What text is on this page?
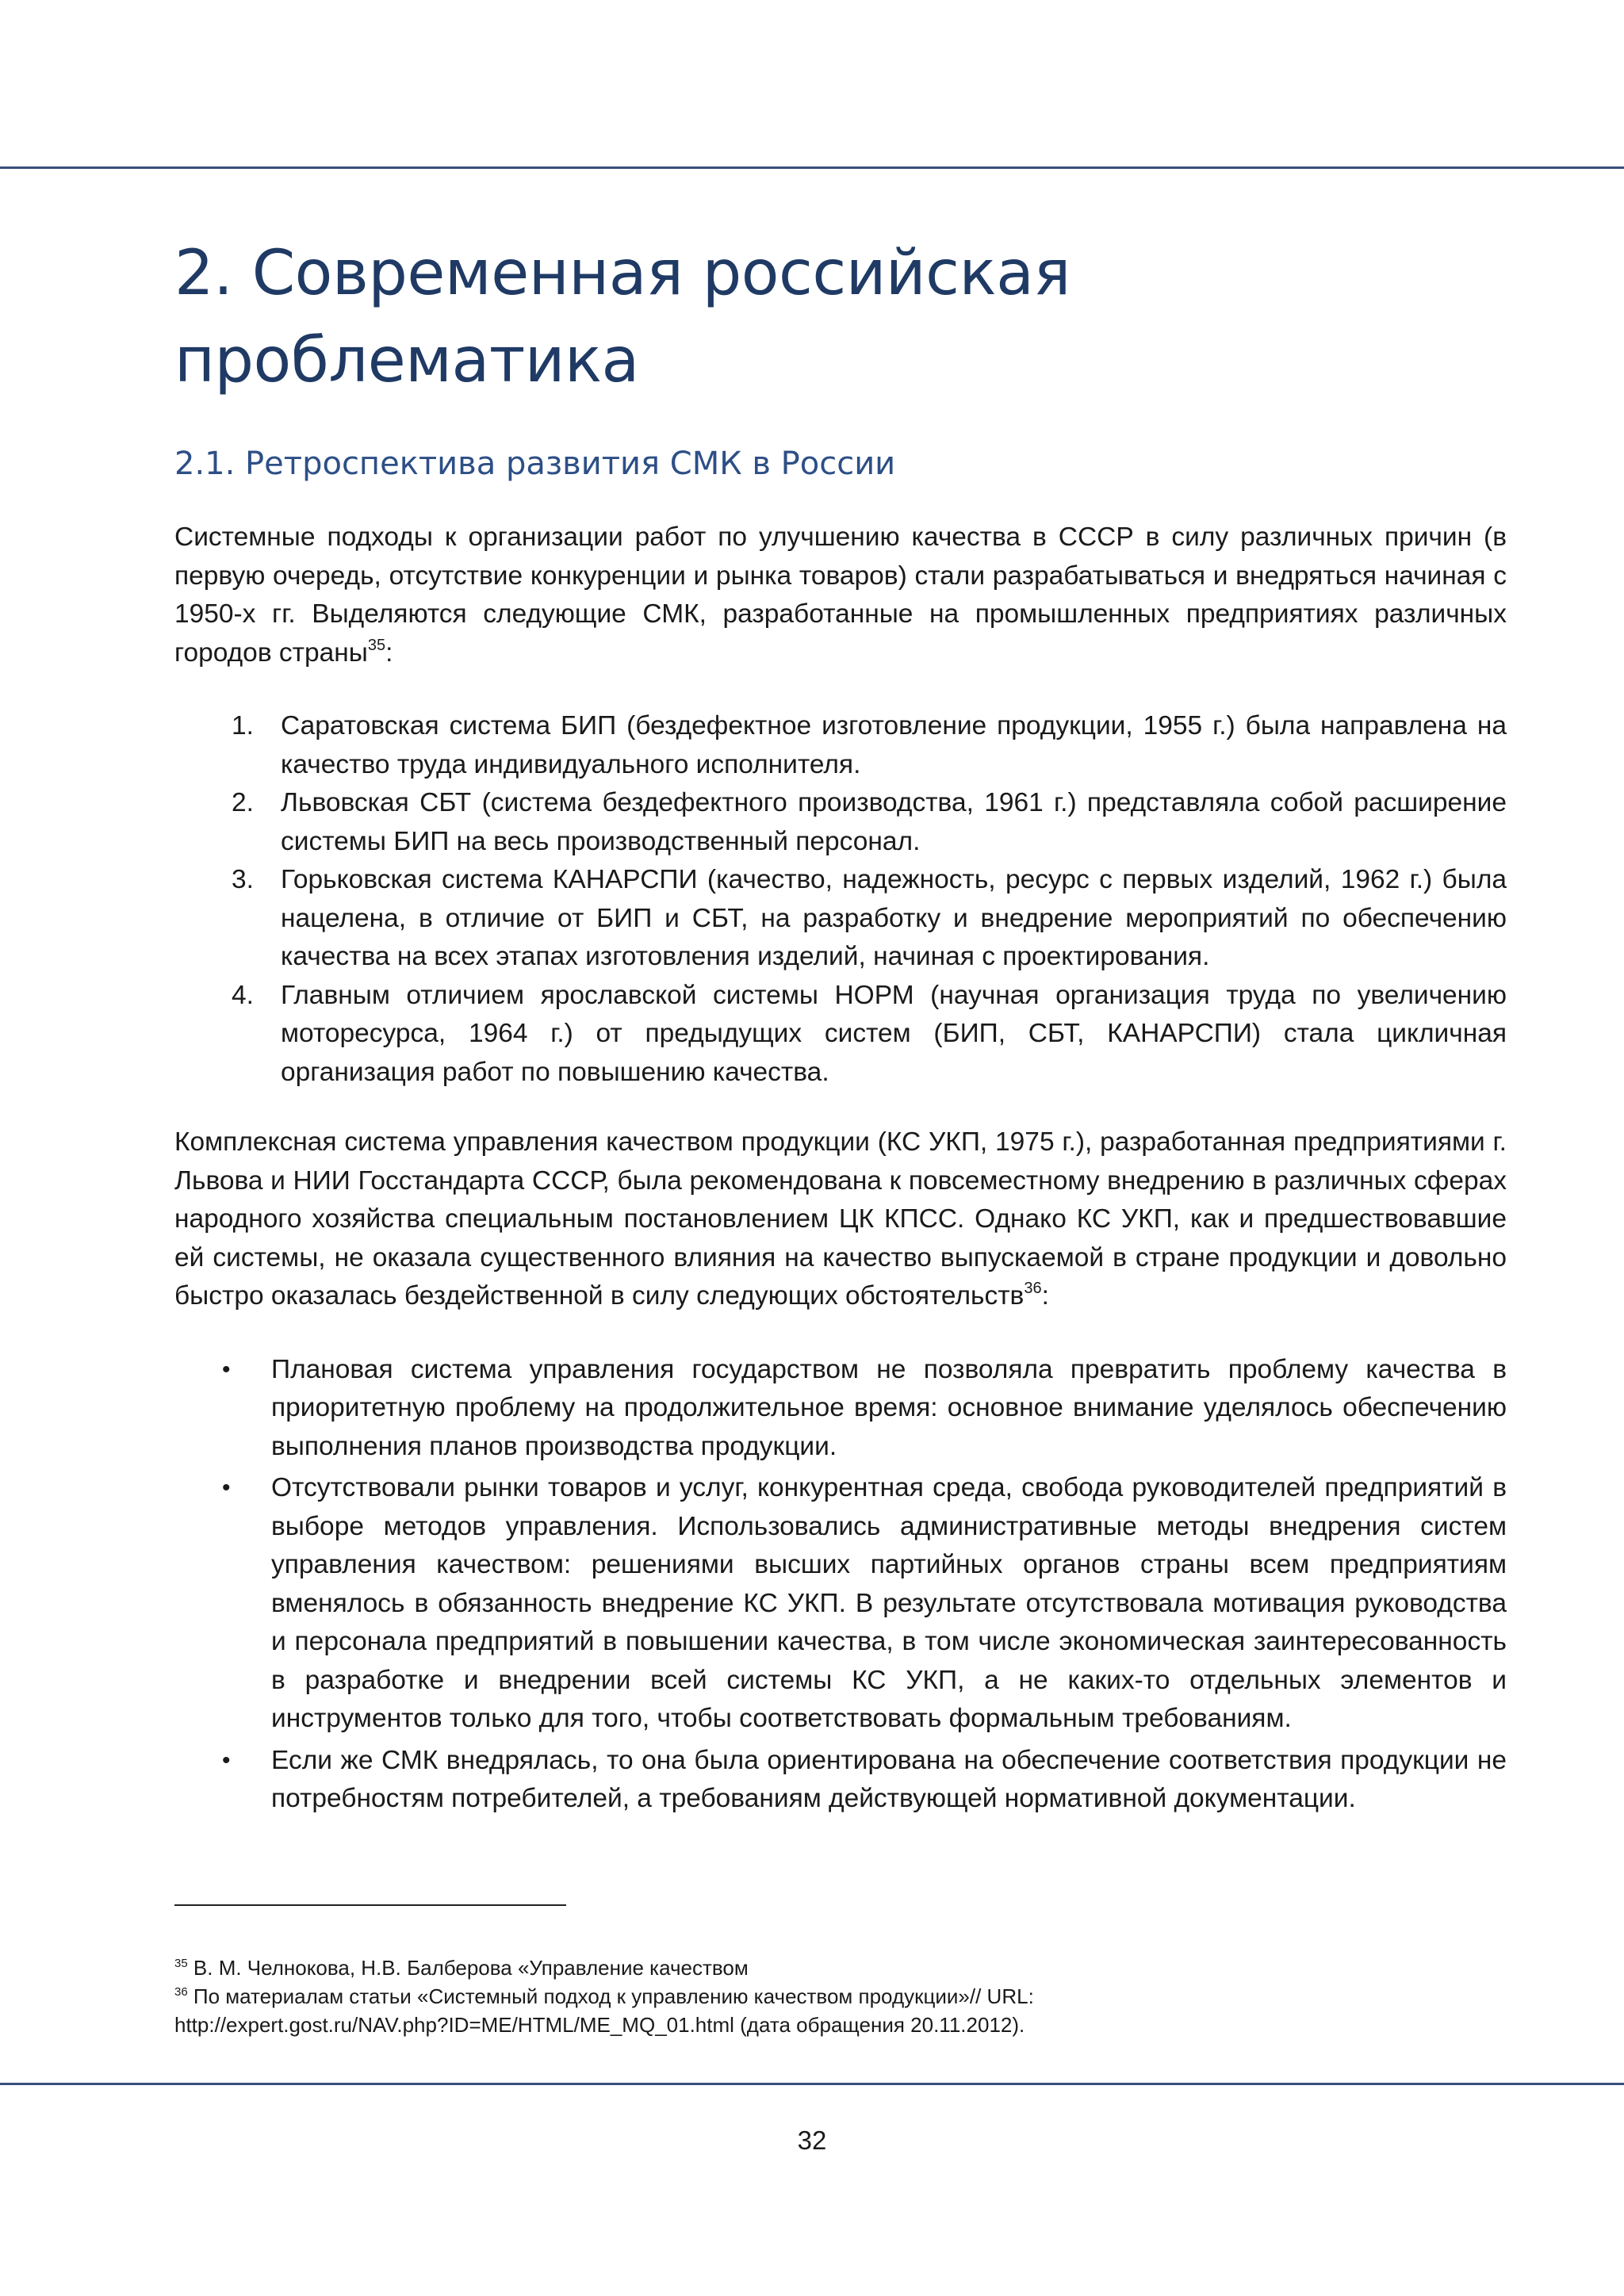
2. Современная российская проблематика
2.1. Ретроспектива развития СМК в России

Системные подходы к организации работ по улучшению качества в СССР в силу различных причин (в первую очередь, отсутствие конкуренции и рынка товаров) стали разрабатываться и внедряться начиная с 1950-х гг. Выделяются следующие СМК, разработанные на промышленных предприятиях различных городов страны$^{35}$:

1. Саратовская система БИП (бездефектное изготовление продукции, 1955 г.) была направлена на качество труда индивидуального исполнителя.
2. Львовская СБТ (система бездефектного производства, 1961 г.) представляла собой расширение системы БИП на весь производственный персонал.
3. Горьковская система КАНАРСПИ (качество, надежность, ресурс с первых изделий, 1962 г.) была нацелена, в отличие от БИП и СБТ, на разработку и внедрение мероприятий по обеспечению качества на всех этапах изготовления изделий, начиная с проектирования.
4. Главным отличием ярославской системы НОРМ (научная организация труда по увеличению моторесурса, 1964 г.) от предыдущих систем (БИП, СБТ, КАНАРСПИ) стала цикличная организация работ по повышению качества.

Комплексная система управления качеством продукции (КС УКП, 1975 г.), разработанная предприятиями г. Львова и НИИ Госстандарта СССР, была рекомендована к повсеместному внедрению в различных сферах народного хозяйства специальным постановлением ЦК КПСС. Однако КС УКП, как и предшествовавшие ей системы, не оказала существенного влияния на качество выпускаемой в стране продукции и довольно быстро оказалась бездейственной в силу следующих обстоятельств$^{36}$:

• Плановая система управления государством не позволяла превратить проблему качества в приоритетную проблему на продолжительное время: основное внимание уделялось обеспечению выполнения планов производства продукции.
• Отсутствовали рынки товаров и услуг, конкурентная среда, свобода руководителей предприятий в выборе методов управления. Использовались административные методы внедрения систем управления качеством: решениями высших партийных органов страны всем предприятиям вменялось в обязанность внедрение КС УКП. В результате отсутствовала мотивация руководства и персонала предприятий в повышении качества, в том числе экономическая заинтересованность в разработке и внедрении всей системы КС УКП, а не каких-то отдельных элементов и инструментов только для того, чтобы соответствовать формальным требованиям.
• Если же СМК внедрялась, то она была ориентирована на обеспечение соответствия продукции не потребностям потребителей, а требованиям действующей нормативной документации.
$^{35}$ В. М. Челнокова, Н.В. Балберова «Управление качеством
$^{36}$ По материалам статьи «Системный подход к управлению качеством продукции»// URL:
http://expert.gost.ru/NAV.php?ID=ME/HTML/ME_MQ_01.html (дата обращения 20.11.2012).
32
